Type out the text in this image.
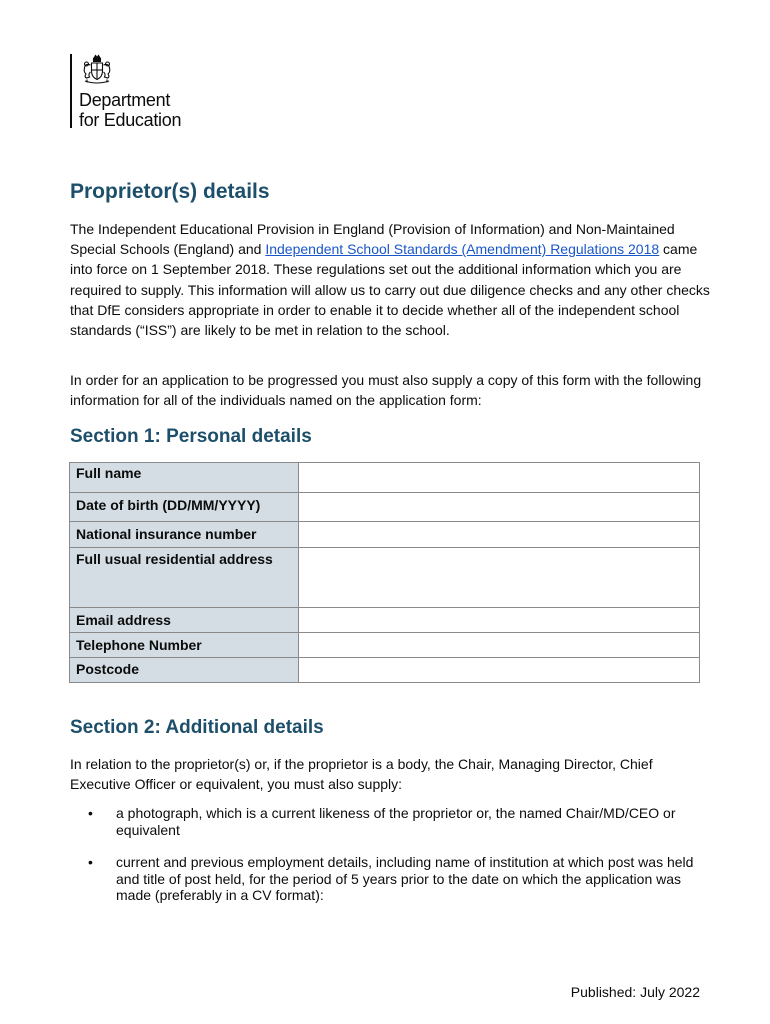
Department
for Education
Proprietor(s) details

The Independent Educational Provision in England (Provision of Information) and Non-Maintained Special Schools (England) and Independent School Standards (Amendment) Regulations 2018 came into force on 1 September 2018. These regulations set out the additional information which you are required to supply. This information will allow us to carry out due diligence checks and any other checks that DfE considers appropriate in order to enable it to decide whether all of the independent school standards (“ISS”) are likely to be met in relation to the school.

In order for an application to be progressed you must also supply a copy of this form with the following information for all of the individuals named on the application form:

Section 1: Personal details
Full name	
Date of birth (DD/MM/YYYY)	
National insurance number	
Full usual residential address	
Email address	
Telephone Number	
Postcode	
Section 2: Additional details

In relation to the proprietor(s) or, if the proprietor is a body, the Chair, Managing Director, Chief Executive Officer or equivalent, you must also supply:

• a photograph, which is a current likeness of the proprietor or, the named Chair/MD/CEO or equivalent
• current and previous employment details, including name of institution at which post was held and title of post held, for the period of 5 years prior to the date on which the application was made (preferably in a CV format):
Published: July 2022
